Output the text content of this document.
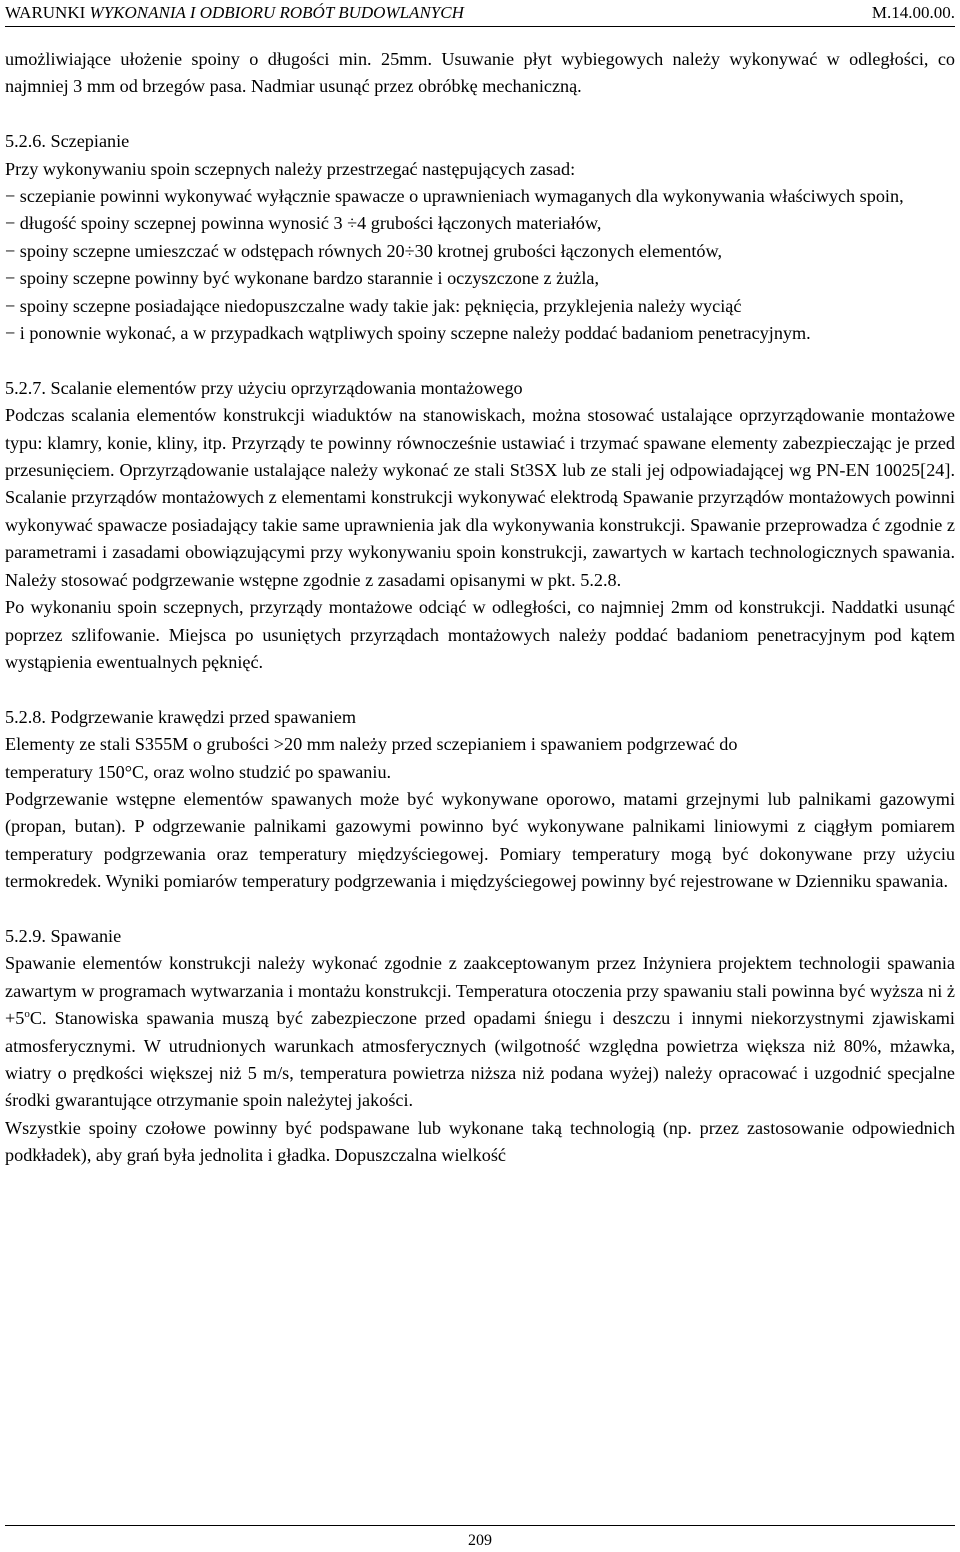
WARUNKI WYKONANIA I ODBIORU ROBÓT BUDOWLANYCH	M.14.00.00.

umożliwiające ułożenie spoiny o długości min. 25mm. Usuwanie płyt wybiegowych należy wykonywać w odległości, co najmniej 3 mm od brzegów pasa. Nadmiar usunąć przez obróbkę mechaniczną.

5.2.6. Sczepianie

Przy wykonywaniu spoin sczepnych należy przestrzegać następujących zasad:

− sczepianie powinni wykonywać wyłącznie spawacze o uprawnieniach wymaganych dla wykonywania właściwych spoin,

− długość spoiny sczepnej powinna wynosić 3 ÷4 grubości łączonych materiałów,

− spoiny sczepne umieszczać w odstępach równych 20÷30 krotnej grubości łączonych elementów,

− spoiny sczepne powinny być wykonane bardzo starannie i oczyszczone z żużla,

− spoiny sczepne posiadające niedopuszczalne wady takie jak: pęknięcia, przyklejenia należy wyciąć

− i ponownie wykonać, a w przypadkach wątpliwych spoiny sczepne należy poddać badaniom penetracyjnym.

5.2.7. Scalanie elementów przy użyciu oprzyrządowania montażowego

Podczas scalania elementów konstrukcji wiaduktów na stanowiskach, można stosować ustalające oprzyrządowanie montażowe typu: klamry, konie, kliny, itp. Przyrządy te powinny równocześnie ustawiać i trzymać spawane elementy zabezpieczając je przed przesunięciem. Oprzyrządowanie ustalające należy wykonać ze stali St3SX lub ze stali jej odpowiadającej wg PN-EN 10025[24]. Scalanie przyrządów montażowych z elementami konstrukcji wykonywać elektrodą Spawanie przyrządów montażowych powinni wykonywać spawacze posiadający takie same uprawnienia jak dla wykonywania konstrukcji. Spawanie przeprowadza ć zgodnie z parametrami i zasadami obowiązującymi przy wykonywaniu spoin konstrukcji, zawartych w kartach technologicznych spawania. Należy stosować podgrzewanie wstępne zgodnie z zasadami opisanymi w pkt. 5.2.8.

Po wykonaniu spoin sczepnych, przyrządy montażowe odciąć w odległości, co najmniej 2mm od konstrukcji. Naddatki usunąć poprzez szlifowanie. Miejsca po usuniętych przyrządach montażowych należy poddać badaniom penetracyjnym pod kątem wystąpienia ewentualnych pęknięć.

5.2.8. Podgrzewanie krawędzi przed spawaniem

Elementy ze stali S355M o grubości >20 mm należy przed sczepianiem i spawaniem podgrzewać do

temperatury 150°C, oraz wolno studzić po spawaniu.

Podgrzewanie wstępne elementów spawanych może być wykonywane oporowo, matami grzejnymi lub palnikami gazowymi (propan, butan). P odgrzewanie palnikami gazowymi powinno być wykonywane palnikami liniowymi z ciągłym pomiarem temperatury podgrzewania oraz temperatury międzyściegowej. Pomiary temperatury mogą być dokonywane przy użyciu termokredek. Wyniki pomiarów temperatury podgrzewania i międzyściegowej powinny być rejestrowane w Dzienniku spawania.

5.2.9. Spawanie

Spawanie elementów konstrukcji należy wykonać zgodnie z zaakceptowanym przez Inżyniera projektem technologii spawania zawartym w programach wytwarzania i montażu konstrukcji. Temperatura otoczenia przy spawaniu stali powinna być wyższa ni ż $+5^oC$. Stanowiska spawania muszą być zabezpieczone przed opadami śniegu i deszczu i innymi niekorzystnymi zjawiskami atmosferycznymi. W utrudnionych warunkach atmosferycznych (wilgotność względna powietrza większa niż 80%, mżawka, wiatry o prędkości większej niż 5 m/s, temperatura powietrza niższa niż podana wyżej) należy opracować i uzgodnić specjalne środki gwarantujące otrzymanie spoin należytej jakości.

Wszystkie spoiny czołowe powinny być podspawane lub wykonane taką technologią (np. przez zastosowanie odpowiednich podkładek), aby grań była jednolita i gładka. Dopuszczalna wielkość

209
